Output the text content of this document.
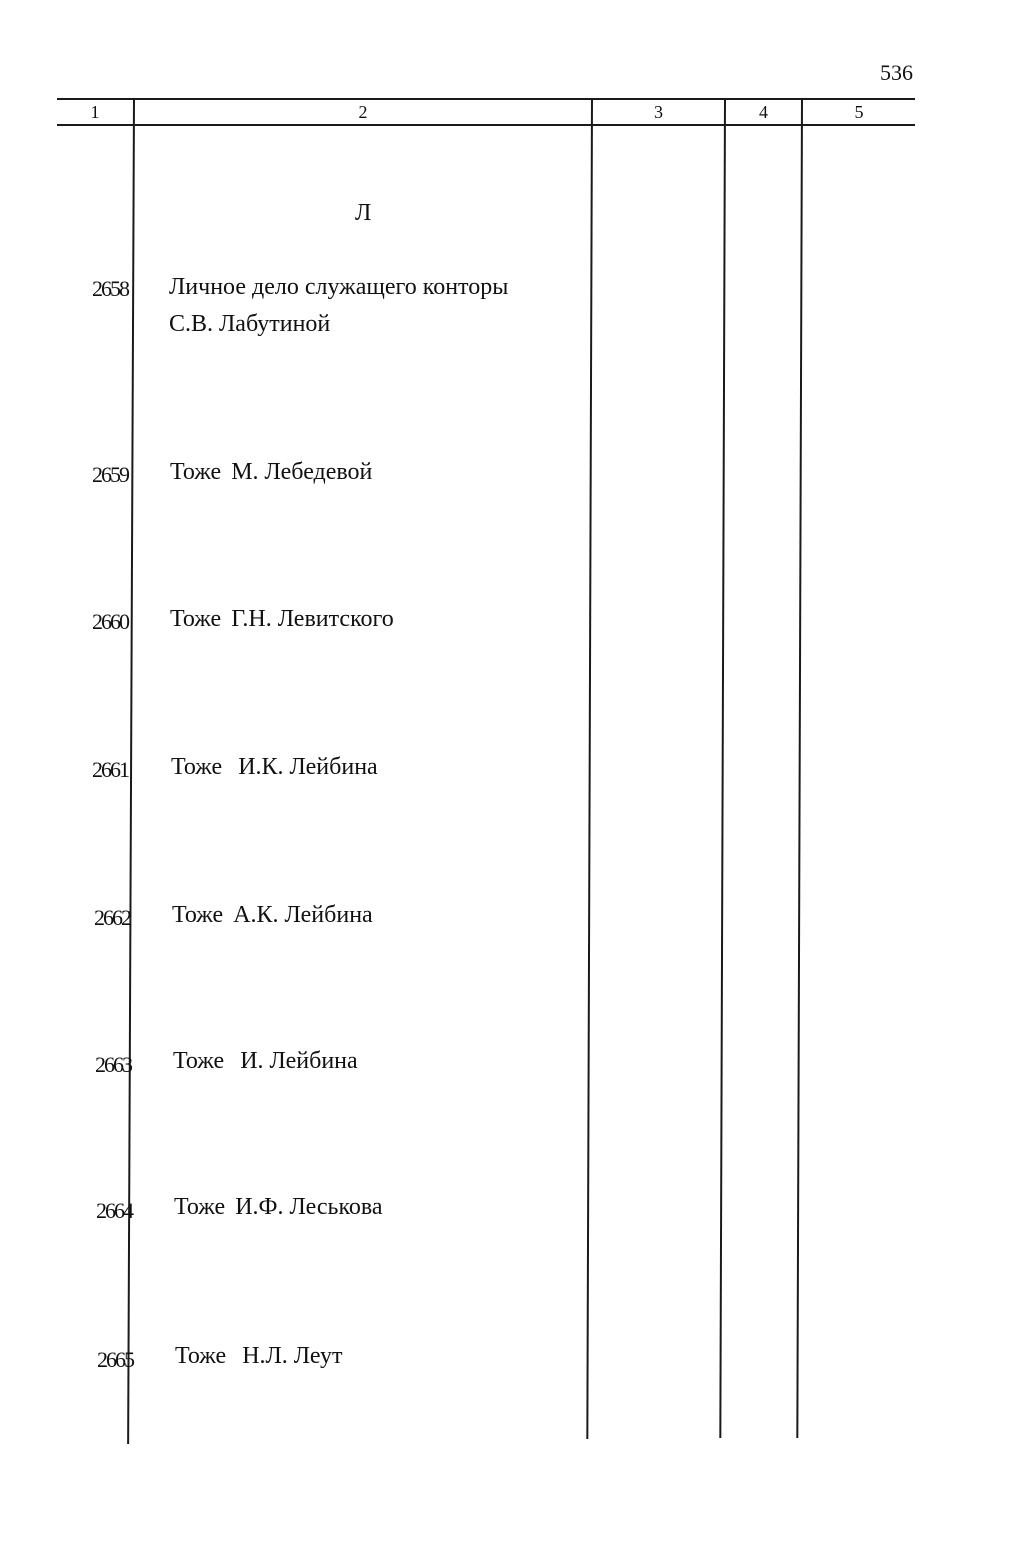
536
1	2	3	4	5
Л
2658 Личное дело служащего конторы
С.В. Лабутиной
2659 Тоже М. Лебедевой
2660 Тоже Г.Н. Левитского
2661 Тоже И.К. Лейбина
2662 Тоже А.К. Лейбина
2663 Тоже И. Лейбина
2664 Тоже И.Ф. Леськова
2665 Тоже Н.Л. Леут
